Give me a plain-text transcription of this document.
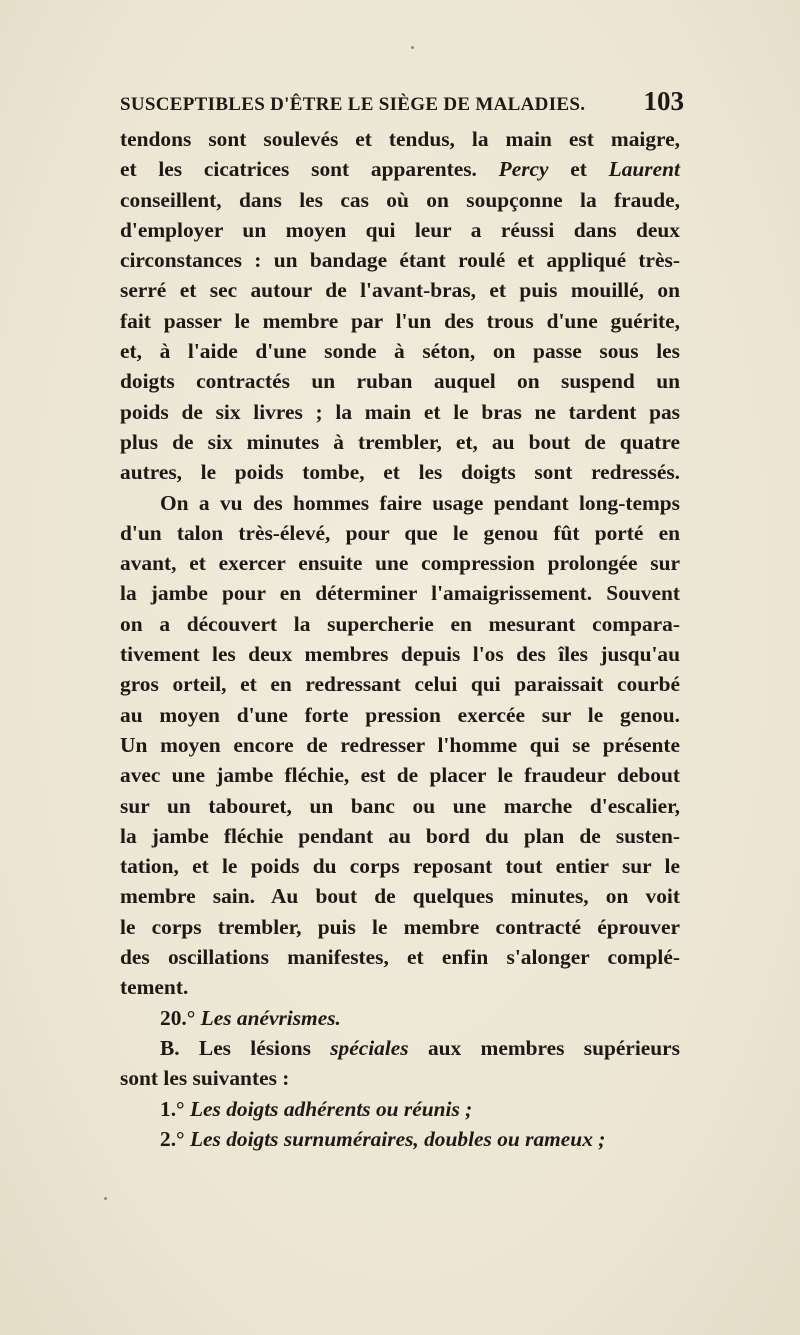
SUSCEPTIBLES D'ÊTRE LE SIÈGE DE MALADIES. 103
tendons sont soulevés et tendus, la main est maigre,
et les cicatrices sont apparentes. Percy et Laurent
conseillent, dans les cas où on soupçonne la fraude,
d'employer un moyen qui leur a réussi dans deux
circonstances : un bandage étant roulé et appliqué très-
serré et sec autour de l'avant-bras, et puis mouillé, on
fait passer le membre par l'un des trous d'une guérite,
et, à l'aide d'une sonde à séton, on passe sous les
doigts contractés un ruban auquel on suspend un
poids de six livres ; la main et le bras ne tardent pas
plus de six minutes à trembler, et, au bout de quatre
autres, le poids tombe, et les doigts sont redressés.
On a vu des hommes faire usage pendant long-temps
d'un talon très-élevé, pour que le genou fût porté en
avant, et exercer ensuite une compression prolongée sur
la jambe pour en déterminer l'amaigrissement. Souvent
on a découvert la supercherie en mesurant compara-
tivement les deux membres depuis l'os des îles jusqu'au
gros orteil, et en redressant celui qui paraissait courbé
au moyen d'une forte pression exercée sur le genou.
Un moyen encore de redresser l'homme qui se présente
avec une jambe fléchie, est de placer le fraudeur debout
sur un tabouret, un banc ou une marche d'escalier,
la jambe fléchie pendant au bord du plan de susten-
tation, et le poids du corps reposant tout entier sur le
membre sain. Au bout de quelques minutes, on voit
le corps trembler, puis le membre contracté éprouver
des oscillations manifestes, et enfin s'alonger complé-
tement.
20.° Les anévrismes.
B. Les lésions spéciales aux membres supérieurs
sont les suivantes :
1.° Les doigts adhérents ou réunis ;
2.° Les doigts surnuméraires, doubles ou rameux ;
